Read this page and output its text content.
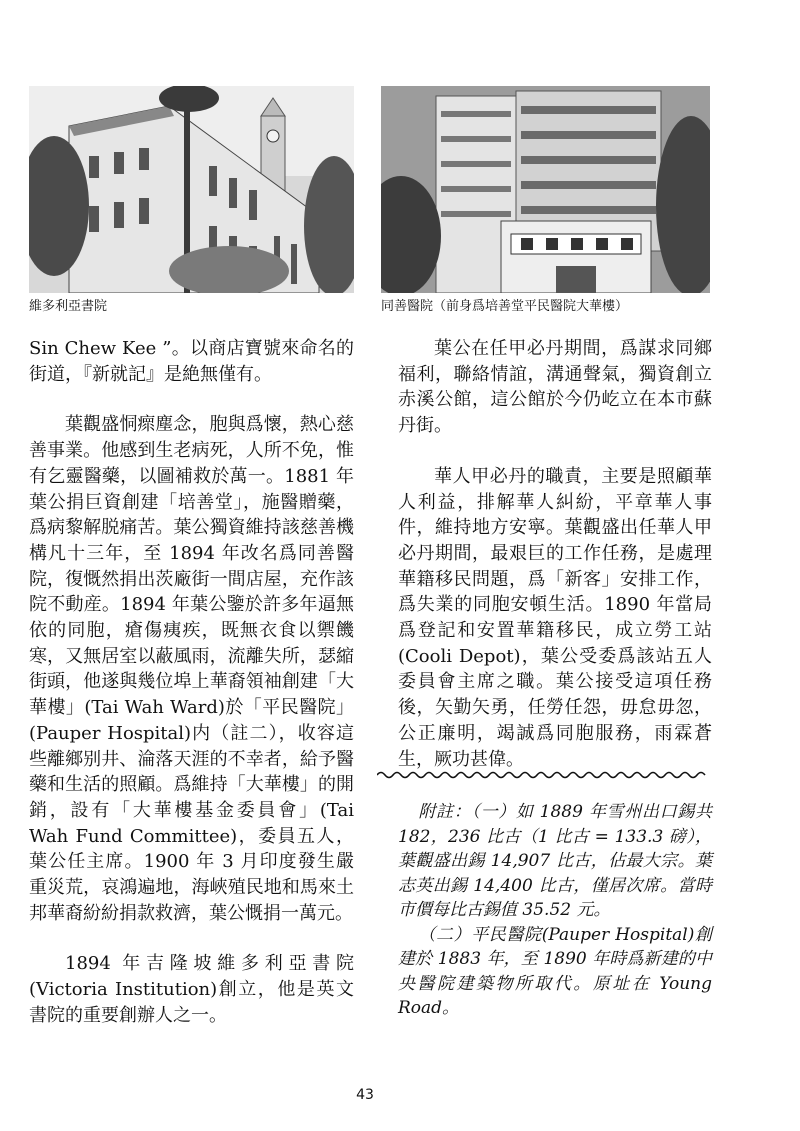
維多利亞書院	同善醫院（前身爲培善堂平民醫院大華樓）

Sin Chew Kee ”。以商店寶號來命名的街道，『新就記』是絶無僅有。

葉觀盛恫瘝塵念，胞與爲懷，熱心慈善事業。他感到生老病死，人所不免，惟有乞靈醫藥，以圖補救於萬一。1881 年葉公捐巨資創建「培善堂」，施醫贈藥，爲病黎解脱痛苦。葉公獨資維持該慈善機構凡十三年，至 1894 年改名爲同善醫院，復慨然捐出茨廠街一間店屋，充作該院不動産。1894 年葉公鑒於許多年逼無依的同胞，瘡傷痍疾，既無衣食以禦饑寒，又無居室以蔽風雨，流離失所，瑟縮街頭，他遂與幾位埠上華裔領袖創建「大華樓」(Tai Wah Ward)於「平民醫院」(Pauper Hospital)内（註二），收容這些離鄉别井、淪落天涯的不幸者，給予醫藥和生活的照顧。爲維持「大華樓」的開銷，設有「大華樓基金委員會」(Tai Wah Fund Committee)，委員五人，葉公任主席。1900 年 3 月印度發生嚴重災荒，哀鴻遍地，海峽殖民地和馬來土邦華裔紛紛捐款救濟，葉公慨捐一萬元。

1894 年吉隆坡維多利亞書院(Victoria Institution)創立，他是英文書院的重要創辦人之一。

葉公在任甲必丹期間，爲謀求同鄉福利，聯絡情誼，溝通聲氣，獨資創立赤溪公館，這公館於今仍屹立在本市蘇丹街。

華人甲必丹的職責，主要是照顧華人利益，排解華人糾紛，平章華人事件，維持地方安寧。葉觀盛出任華人甲必丹期間，最艰巨的工作任務，是處理華籍移民問題，爲「新客」安排工作，爲失業的同胞安頓生活。1890 年當局爲登記和安置華籍移民，成立勞工站(Cooli Depot)，葉公受委爲該站五人委員會主席之職。葉公接受這項任務後，矢勤矢勇，任勞任怨，毋怠毋忽，公正廉明，竭誠爲同胞服務，雨霖蒼生，厥功甚偉。

附註：（一）如 1889 年雪州出口錫共 182，236 比古（1 比古 = 133.3 磅），葉觀盛出錫 14,907 比古，佔最大宗。葉志英出錫 14,400 比古，僅居次席。當時市價每比古錫值 35.52 元。

（二）平民醫院(Pauper Hospital)創建於 1883 年，至 1890 年時爲新建的中央醫院建築物所取代。原址在 Young Road。

43
